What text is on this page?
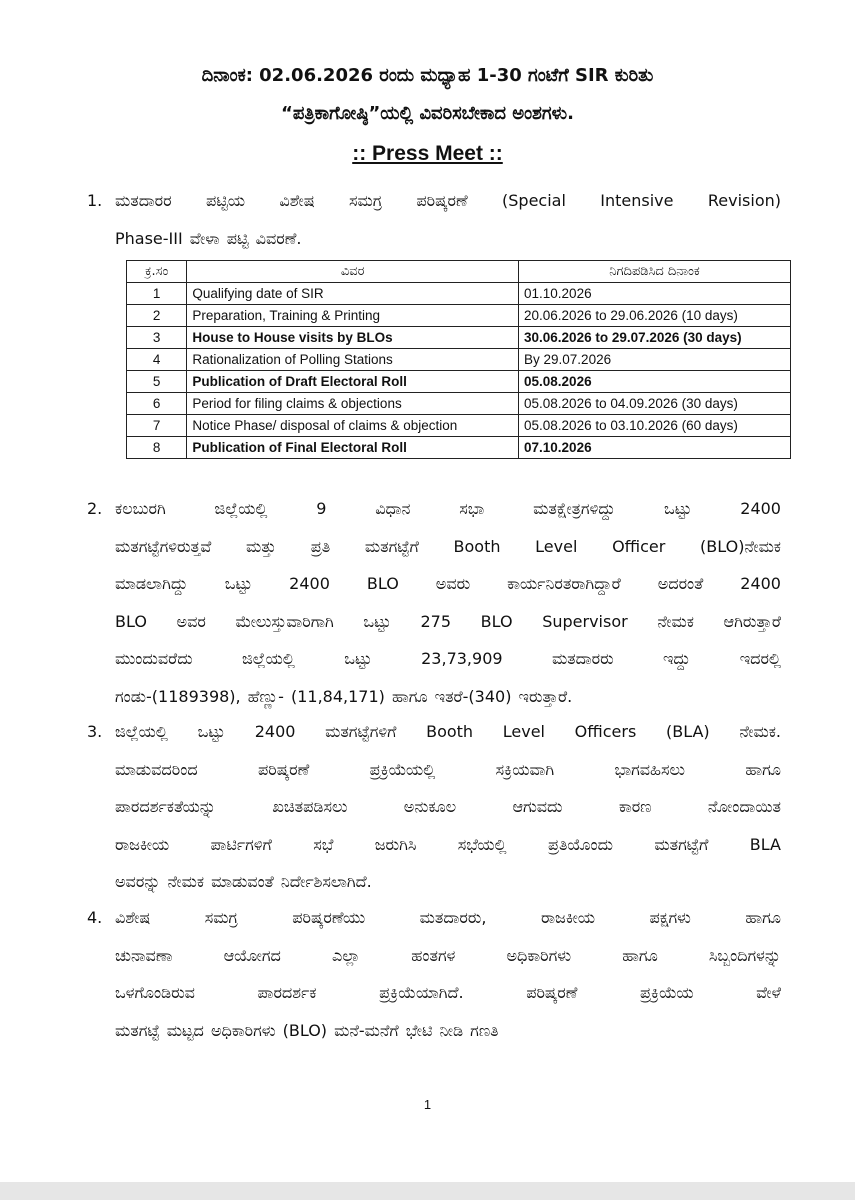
ದಿನಾಂಕ: 02.06.2026 ರಂದು ಮಧ್ಯಾಹ 1-30 ಗಂಟೆಗೆ SIR ಕುರಿತು
“ಪತ್ರಿಕಾಗೋಷ್ಠಿ”ಯಲ್ಲಿ ವಿವರಿಸಬೇಕಾದ ಅಂಶಗಳು.
:: Press Meet ::
1. ಮತದಾರರ ಪಟ್ಟಿಯ ವಿಶೇಷ ಸಮಗ್ರ ಪರಿಷ್ಕರಣೆ (Special Intensive Revision)
Phase-III ವೇಳಾ ಪಟ್ಟಿ ವಿವರಣೆ.
ಕ್ರ.ಸಂ	ವಿವರ	ನಿಗದಿಪಡಿಸಿದ ದಿನಾಂಕ
1	Qualifying date of SIR	01.10.2026
2	Preparation, Training & Printing	20.06.2026 to 29.06.2026 (10 days)
3	House to House visits by BLOs	30.06.2026 to 29.07.2026 (30 days)
4	Rationalization of Polling Stations	By 29.07.2026
5	Publication of Draft Electoral Roll	05.08.2026
6	Period for filing claims & objections	05.08.2026 to 04.09.2026 (30 days)
7	Notice Phase/ disposal of claims & objection	05.08.2026 to 03.10.2026 (60 days)
8	Publication of Final Electoral Roll	07.10.2026
2. ಕಲಬುರಗಿ ಜಿಲ್ಲೆಯಲ್ಲಿ 9 ವಿಧಾನ ಸಭಾ ಮತಕ್ಷೇತ್ರಗಳಿದ್ದು ಒಟ್ಟು 2400
ಮತಗಟ್ಟೆಗಳಿರುತ್ತವೆ ಮತ್ತು ಪ್ರತಿ ಮತಗಟ್ಟೆಗೆ Booth Level Officer (BLO)ನೇಮಕ
ಮಾಡಲಾಗಿದ್ದು ಒಟ್ಟು 2400 BLO ಅವರು ಕಾರ್ಯನಿರತರಾಗಿದ್ದಾರೆ ಅದರಂತೆ 2400
BLO ಅವರ ಮೇಲುಸ್ತುವಾರಿಗಾಗಿ ಒಟ್ಟು 275 BLO Supervisor ನೇಮಕ ಆಗಿರುತ್ತಾರೆ
ಮುಂದುವರೆದು ಜಿಲ್ಲೆಯಲ್ಲಿ ಒಟ್ಟು 23,73,909 ಮತದಾರರು ಇದ್ದು ಇದರಲ್ಲಿ
ಗಂಡು-(1189398), ಹೆಣ್ಣು- (11,84,171) ಹಾಗೂ ಇತರೆ-(340) ಇರುತ್ತಾರೆ.
3. ಜಿಲ್ಲೆಯಲ್ಲಿ ಒಟ್ಟು 2400 ಮತಗಟ್ಟೆಗಳಿಗೆ Booth Level Officers (BLA) ನೇಮಕ.
ಮಾಡುವದರಿಂದ ಪರಿಷ್ಕರಣೆ ಪ್ರಕ್ರಿಯೆಯಲ್ಲಿ ಸಕ್ರಿಯವಾಗಿ ಭಾಗವಹಿಸಲು ಹಾಗೂ
ಪಾರದರ್ಶಕತೆಯನ್ನು ಖಚಿತಪಡಿಸಲು ಅನುಕೂಲ ಆಗುವದು ಕಾರಣ ನೋಂದಾಯಿತ
ರಾಜಕೀಯ ಪಾರ್ಟಿಗಳಿಗೆ ಸಭೆ ಜರುಗಿಸಿ ಸಭೆಯಲ್ಲಿ ಪ್ರತಿಯೊಂದು ಮತಗಟ್ಟೆಗೆ BLA
ಅವರನ್ನು ನೇಮಕ ಮಾಡುವಂತೆ ನಿರ್ದೇಶಿಸಲಾಗಿದೆ.
4. ವಿಶೇಷ ಸಮಗ್ರ ಪರಿಷ್ಕರಣೆಯು ಮತದಾರರು, ರಾಜಕೀಯ ಪಕ್ಷಗಳು ಹಾಗೂ
ಚುನಾವಣಾ ಆಯೋಗದ ಎಲ್ಲಾ ಹಂತಗಳ ಅಧಿಕಾರಿಗಳು ಹಾಗೂ ಸಿಬ್ಬಂದಿಗಳನ್ನು
ಒಳಗೊಂಡಿರುವ ಪಾರದರ್ಶಕ ಪ್ರಕ್ರಿಯೆಯಾಗಿದೆ. ಪರಿಷ್ಕರಣೆ ಪ್ರಕ್ರಿಯೆಯ ವೇಳೆ
ಮತಗಟ್ಟೆ ಮಟ್ಟದ ಅಧಿಕಾರಿಗಳು (BLO) ಮನೆ-ಮನೆಗೆ ಭೇಟಿ ನೀಡಿ ಗಣತಿ
1
